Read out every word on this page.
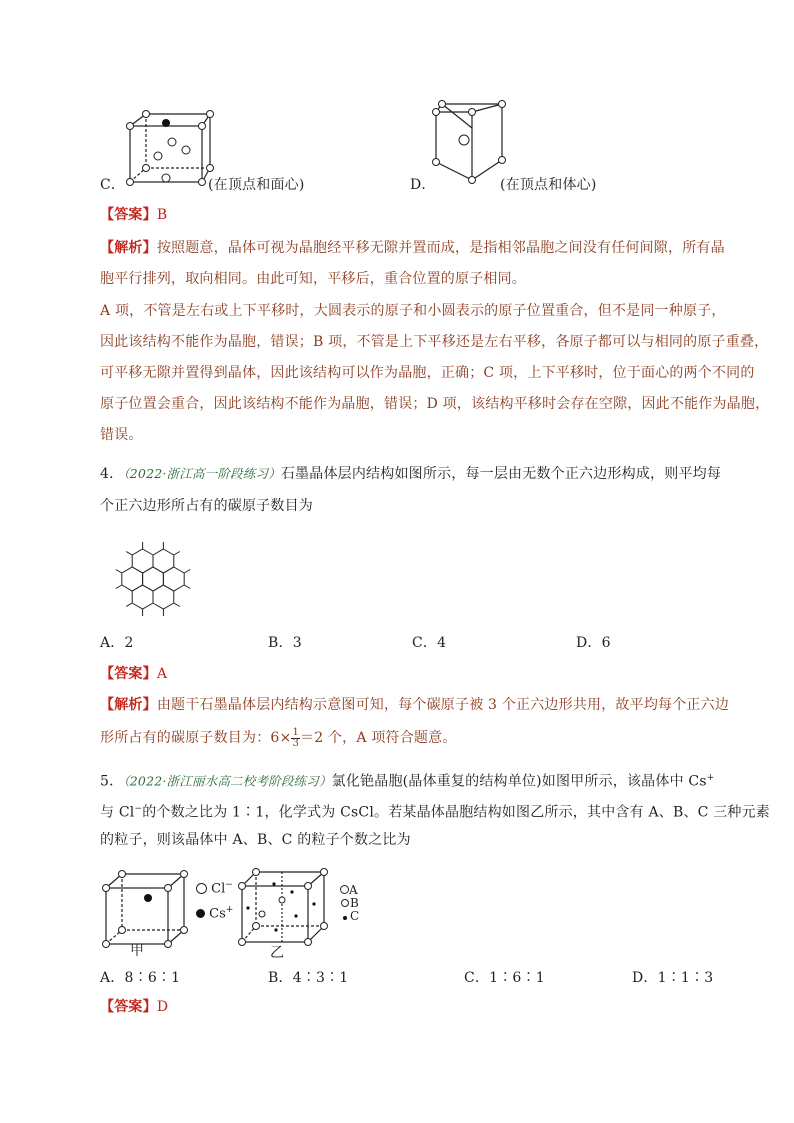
C．	(在顶点和面心)	D．	(在顶点和体心)
【答案】B
【解析】按照题意，晶体可视为晶胞经平移无隙并置而成，是指相邻晶胞之间没有任何间隙，所有晶
胞平行排列，取向相同。由此可知，平移后，重合位置的原子相同。
A 项，不管是左右或上下平移时，大圆表示的原子和小圆表示的原子位置重合，但不是同一种原子，
因此该结构不能作为晶胞，错误；B 项，不管是上下平移还是左右平移，各原子都可以与相同的原子重叠，
可平移无隙并置得到晶体，因此该结构可以作为晶胞，正确；C 项，上下平移时，位于面心的两个不同的
原子位置会重合，因此该结构不能作为晶胞，错误；D 项，该结构平移时会存在空隙，因此不能作为晶胞，
错误。
4．（2022·浙江高一阶段练习）石墨晶体层内结构如图所示，每一层由无数个正六边形构成，则平均每
个正六边形所占有的碳原子数目为
A．2	B．3	C．4	D．6
【答案】A
【解析】由题干石墨晶体层内结构示意图可知，每个碳原子被 3 个正六边形共用，故平均每个正六边
形所占有的碳原子数目为：$6\times \frac{1}{3} =2$ 个，A 项符合题意。
5．（2022·浙江丽水高二校考阶段练习）氯化铯晶胞(晶体重复的结构单位)如图甲所示，该晶体中 Cs+
与 Cl−的个数之比为 1∶1，化学式为 CsCl。若某晶体晶胞结构如图乙所示，其中含有 A、B、C 三种元素
的粒子，则该晶体中 A、B、C 的粒子个数之比为
Cl−
Cs+
甲
A
B
C
乙
A．8∶6∶1	B．4∶3∶1	C．1∶6∶1	D．1∶1∶3
【答案】D
